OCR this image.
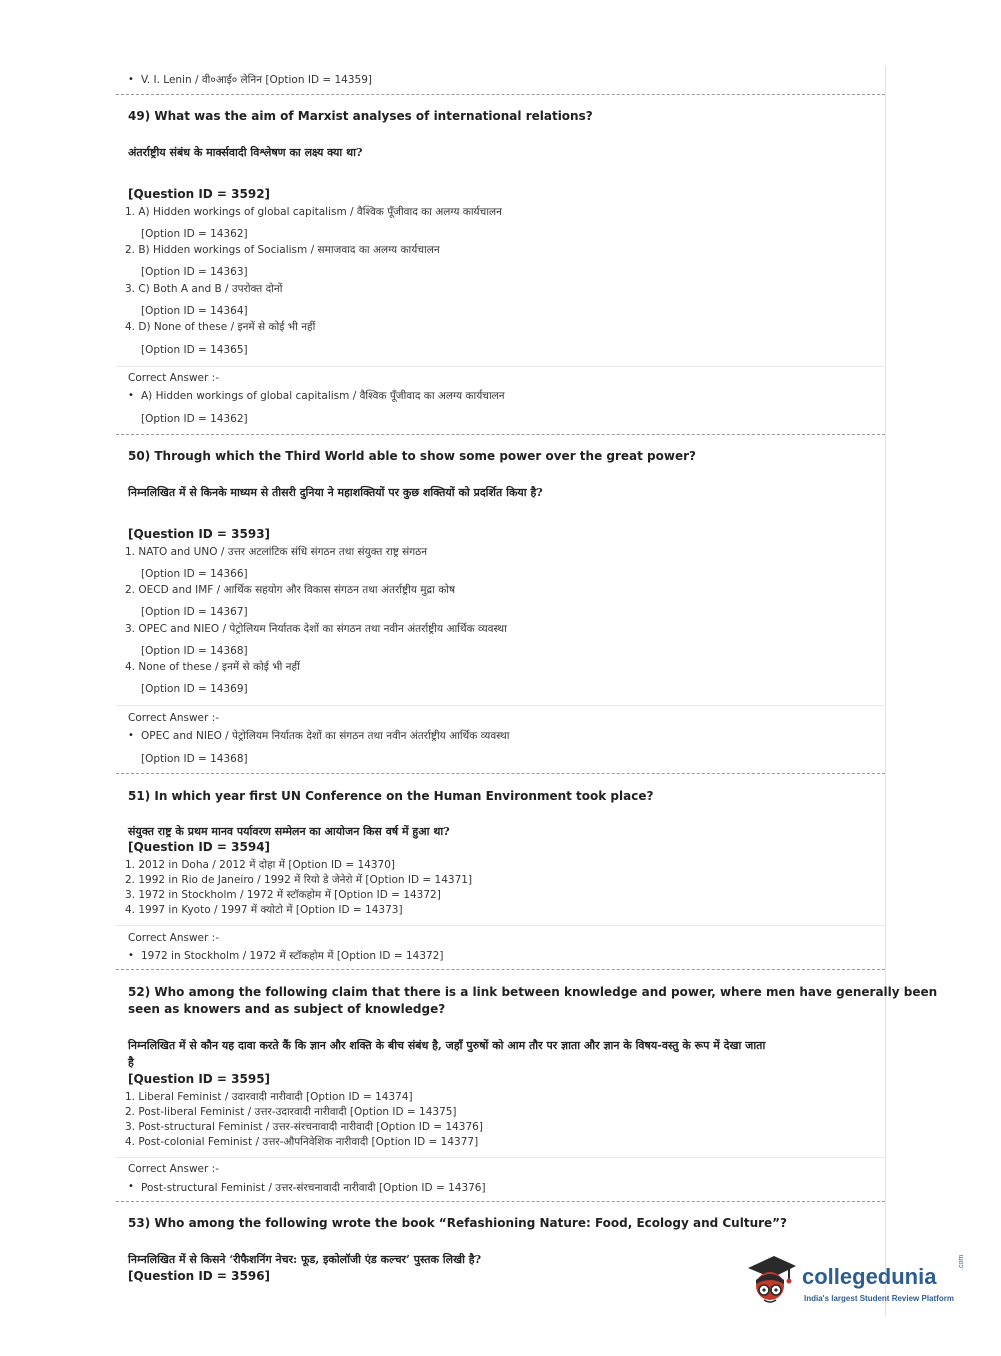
• V. I. Lenin / वी०आई० लेनिन [Option ID = 14359]
49) What was the aim of Marxist analyses of international relations?
अंतर्राष्ट्रीय संबंध के मार्क्सवादी विश्लेषण का लक्ष्य क्या था?
[Question ID = 3592]
1. A) Hidden workings of global capitalism / वैश्विक पूँजीवाद का अलग्य कार्यचालन
[Option ID = 14362]
2. B) Hidden workings of Socialism / समाजवाद का अलग्य कार्यचालन
[Option ID = 14363]
3. C) Both A and B / उपरोक्त दोनों
[Option ID = 14364]
4. D) None of these / इनमें से कोई भी नहीं
[Option ID = 14365]
Correct Answer :-
• A) Hidden workings of global capitalism / वैश्विक पूँजीवाद का अलग्य कार्यचालन
[Option ID = 14362]
50) Through which the Third World able to show some power over the great power?
निम्नलिखित में से किनके माध्यम से तीसरी दुनिया ने महाशक्तियों पर कुछ शक्तियों को प्रदर्शित किया है?
[Question ID = 3593]
1. NATO and UNO / उत्तर अटलांटिक संधि संगठन तथा संयुक्त राष्ट्र संगठन
[Option ID = 14366]
2. OECD and IMF / आर्थिक सहयोग और विकास संगठन तथा अंतर्राष्ट्रीय मुद्रा कोष
[Option ID = 14367]
3. OPEC and NIEO / पेट्रोलियम निर्यातक देशों का संगठन तथा नवीन अंतर्राष्ट्रीय आर्थिक व्यवस्था
[Option ID = 14368]
4. None of these / इनमें से कोई भी नहीं
[Option ID = 14369]
Correct Answer :-
• OPEC and NIEO / पेट्रोलियम निर्यातक देशों का संगठन तथा नवीन अंतर्राष्ट्रीय आर्थिक व्यवस्था
[Option ID = 14368]
51) In which year first UN Conference on the Human Environment took place?
संयुक्त राष्ट्र के प्रथम मानव पर्यावरण सम्मेलन का आयोजन किस वर्ष में हुआ था?
[Question ID = 3594]
1. 2012 in Doha / 2012 में दोहा में [Option ID = 14370]
2. 1992 in Rio de Janeiro / 1992 में रियो डे जेनेरो में [Option ID = 14371]
3. 1972 in Stockholm / 1972 में स्टॉकहोम में [Option ID = 14372]
4. 1997 in Kyoto / 1997 में क्योटो में [Option ID = 14373]
Correct Answer :-
• 1972 in Stockholm / 1972 में स्टॉकहोम में [Option ID = 14372]
52) Who among the following claim that there is a link between knowledge and power, where men have generally been
seen as knowers and as subject of knowledge?
निम्नलिखित में से कौन यह दावा करते कैं कि ज्ञान और शक्ति के बीच संबंध है, जहाँ पुरुषों को आम तौर पर ज्ञाता और ज्ञान के विषय-वस्तु के रूप में देखा जाता
है
[Question ID = 3595]
1. Liberal Feminist / उदारवादी नारीवादी [Option ID = 14374]
2. Post-liberal Feminist / उत्तर-उदारवादी नारीवादी [Option ID = 14375]
3. Post-structural Feminist / उत्तर-संरचनावादी नारीवादी [Option ID = 14376]
4. Post-colonial Feminist / उत्तर-औपनिवेशिक नारीवादी [Option ID = 14377]
Correct Answer :-
• Post-structural Feminist / उत्तर-संरचनावादी नारीवादी [Option ID = 14376]
53) Who among the following wrote the book “Refashioning Nature: Food, Ecology and Culture”?
निम्नलिखित में से किसने ‘रीफैशनिंग नेचर: फूड, इकोलॉजी एंड कल्चर’ पुस्तक लिखी है?
[Question ID = 3596]	collegedunia
.com
India's largest Student Review Platform
